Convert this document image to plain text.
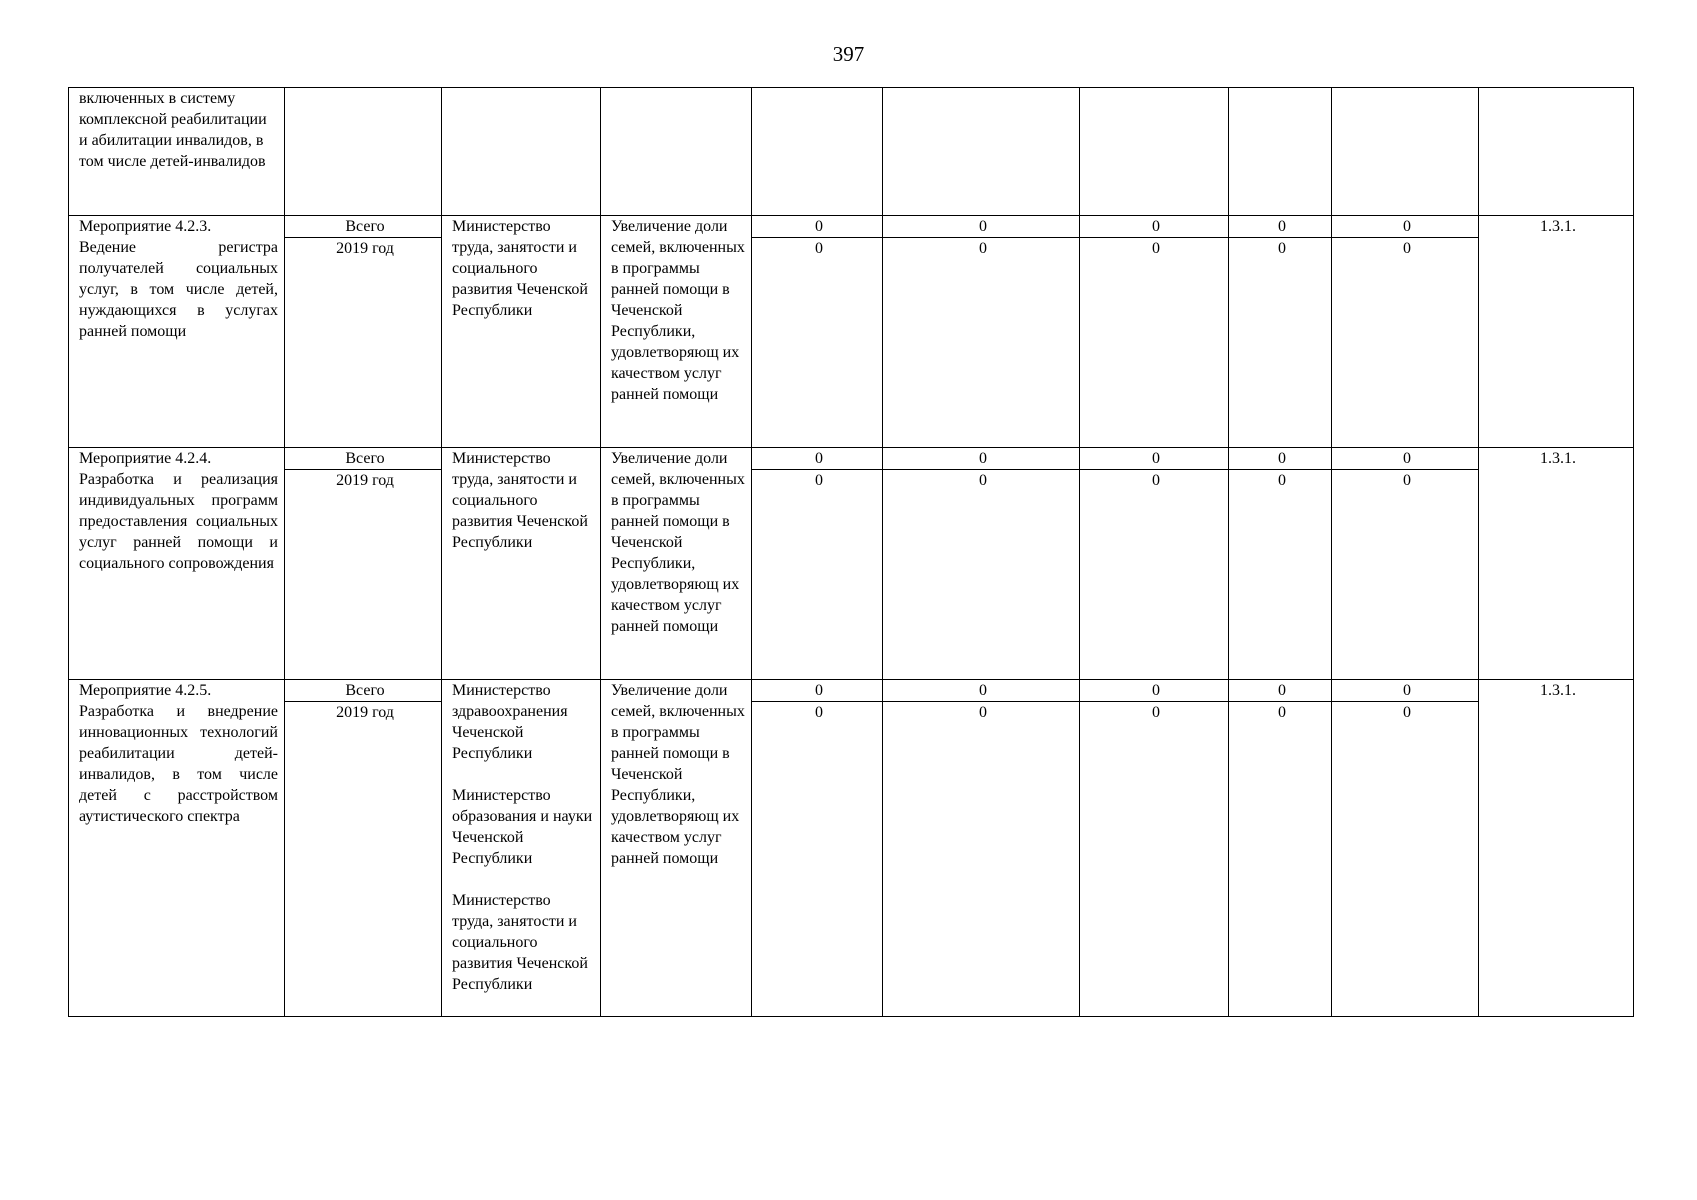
397
включенных в систему комплексной реабилитации и абилитации инвалидов, в том числе детей-инвалидов									

Мероприятие 4.2.3.
Ведение регистра получателей социальных услуг, в том числе детей, нуждающихся в услугах ранней помощи	Всего	Министерство труда, занятости и социального развития Чеченской Республики	Увеличение доли семей, включенных в программы ранней помощи в Чеченской Республики, удовлетворяющ их качеством услуг ранней помощи	0	0	0	0	0	1.3.1.
	2019 год			0	0	0	0	0	

Мероприятие 4.2.4.
Разработка и реализация индивидуальных программ предоставления социальных услуг ранней помощи и социального сопровождения	Всего	Министерство труда, занятости и социального развития Чеченской Республики	Увеличение доли семей, включенных в программы ранней помощи в Чеченской Республики, удовлетворяющ их качеством услуг ранней помощи	0	0	0	0	0	1.3.1.
	2019 год			0	0	0	0	0	

Мероприятие 4.2.5.
Разработка и внедрение инновационных технологий реабилитации детей-инвалидов, в том числе детей с расстройством аутистического спектра	Всего	Министерство здравоохранения Чеченской Республики
Министерство образования и науки Чеченской Республики
Министерство труда, занятости и социального развития Чеченской Республики	Увеличение доли семей, включенных в программы ранней помощи в Чеченской Республики, удовлетворяющ их качеством услуг ранней помощи	0	0	0	0	0	1.3.1.
	2019 год			0	0	0	0	0	
